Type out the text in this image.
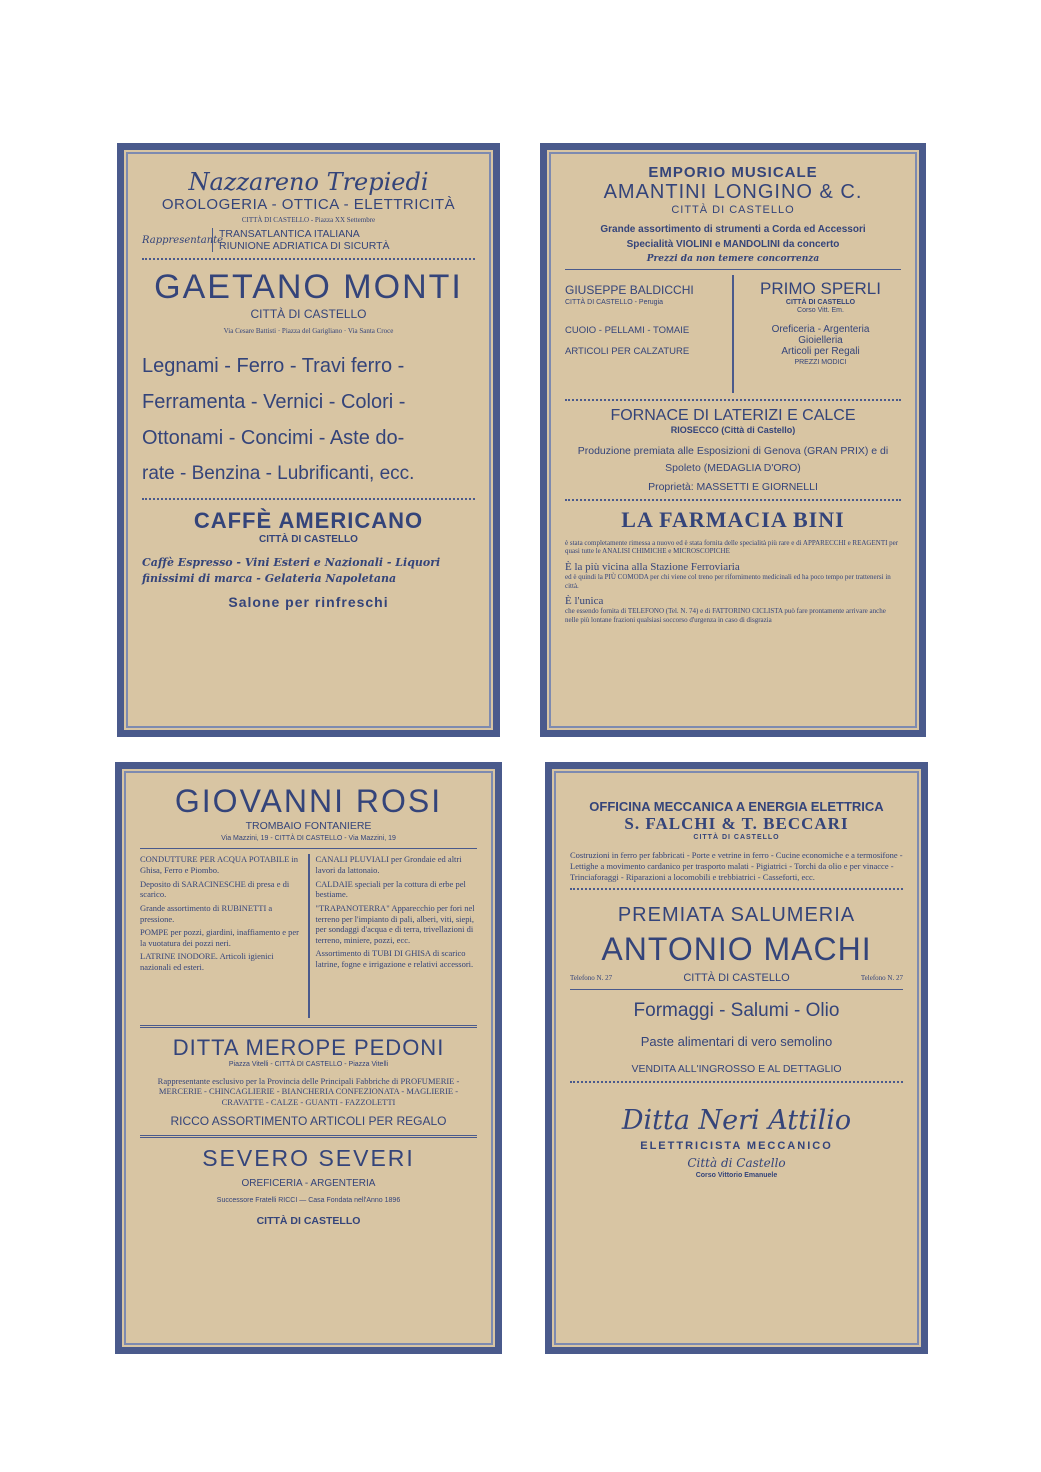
Nazzareno Trepiedi

OROLOGERIA - OTTICA - ELETTRICITÀ

CITTÀ DI CASTELLO - Piazza XX Settembre

Rappresentante

TRANSATLANTICA ITALIANA

RIUNIONE ADRIATICA DI SICURTÀ

GAETANO MONTI

CITTÀ DI CASTELLO

Via Cesare Battisti · Piazza del Garigliano · Via Santa Croce

Legnami - Ferro - Travi ferro -

Ferramenta - Vernici - Colori -

Ottonami - Concimi - Aste do-

rate - Benzina - Lubrificanti, ecc.

CAFFÈ AMERICANO

CITTÀ DI CASTELLO

Caffè Espresso - Vini Esteri e Nazionali - Liquori finissimi di marca - Gelateria Napoletana

Salone per rinfreschi

EMPORIO MUSICALE

AMANTINI LONGINO & C.

CITTÀ DI CASTELLO

Grande assortimento di strumenti a Corda ed Accessori

Specialità VIOLINI e MANDOLINI da concerto

Prezzi da non temere concorrenza

GIUSEPPE BALDICCHI

CITTÀ DI CASTELLO - Perugia

CUOIO - PELLAMI - TOMAIE

ARTICOLI PER CALZATURE

PRIMO SPERLI

CITTÀ DI CASTELLO

Corso Vitt. Em.

Oreficeria - Argenteria

Gioielleria

Articoli per Regali

PREZZI MODICI

FORNACE DI LATERIZI E CALCE

RIOSECCO (Città di Castello)

Produzione premiata alle Esposizioni di Genova (GRAN PRIX) e di Spoleto (MEDAGLIA D'ORO)

Proprietà: MASSETTI E GIORNELLI

LA FARMACIA BINI

è stata completamente rimessa a nuovo ed è stata fornita delle specialità più rare e di APPARECCHI e REAGENTI per quasi tutte le ANALISI CHIMICHE e MICROSCOPICHE

È la più vicina alla Stazione Ferroviaria

ed è quindi la PIÙ COMODA per chi viene col treno per rifornimento medicinali ed ha poco tempo per trattenersi in città.

È l'unica

che essendo fornita di TELEFONO (Tel. N. 74) e di FATTORINO CICLISTA può fare prontamente arrivare anche nelle più lontane frazioni qualsiasi soccorso d'urgenza in caso di disgrazia

GIOVANNI ROSI

TROMBAIO FONTANIERE

Via Mazzini, 19 - CITTÀ DI CASTELLO - Via Mazzini, 19

CONDUTTURE PER ACQUA POTABILE in Ghisa, Ferro e Piombo.

Deposito di SARACINESCHE di presa e di scarico.

Grande assortimento di RUBINETTI a pressione.

POMPE per pozzi, giardini, inaffiamento e per la vuotatura dei pozzi neri.

LATRINE INODORE. Articoli igienici nazionali ed esteri.

CANALI PLUVIALI per Grondaie ed altri lavori da lattonaio.

CALDAIE speciali per la cottura di erbe pel bestiame.

"TRAPANOTERRA" Apparecchio per fori nel terreno per l'impianto di pali, alberi, viti, siepi, per sondaggi d'acqua e di terra, trivellazioni di terreno, miniere, pozzi, ecc.

Assortimento di TUBI DI GHISA di scarico latrine, fogne e irrigazione e relativi accessori.

DITTA MEROPE PEDONI

Piazza Vitelli - CITTÀ DI CASTELLO - Piazza Vitelli

Rappresentante esclusivo per la Provincia delle Principali Fabbriche di PROFUMERIE - MERCERIE - CHINCAGLIERIE - BIANCHERIA CONFEZIONATA - MAGLIERIE - CRAVATTE - CALZE - GUANTI - FAZZOLETTI

RICCO ASSORTIMENTO ARTICOLI PER REGALO

SEVERO SEVERI

OREFICERIA - ARGENTERIA

Successore Fratelli RICCI — Casa Fondata nell'Anno 1896

CITTÀ DI CASTELLO

OFFICINA MECCANICA A ENERGIA ELETTRICA

S. FALCHI & T. BECCARI

CITTÀ DI CASTELLO

Costruzioni in ferro per fabbricati - Porte e vetrine in ferro - Cucine economiche e a termosifone - Lettighe a movimento cardanico per trasporto malati - Pigiatrici - Torchi da olio e per vinacce - Trinciaforaggi - Riparazioni a locomobili e trebbiatrici - Casseforti, ecc.

PREMIATA SALUMERIA

ANTONIO MACHI

Telefono N. 27	CITTÀ DI CASTELLO	Telefono N. 27

Formaggi - Salumi - Olio

Paste alimentari di vero semolino

VENDITA ALL'INGROSSO E AL DETTAGLIO

Ditta Neri Attilio

ELETTRICISTA MECCANICO

Città di Castello

Corso Vittorio Emanuele
